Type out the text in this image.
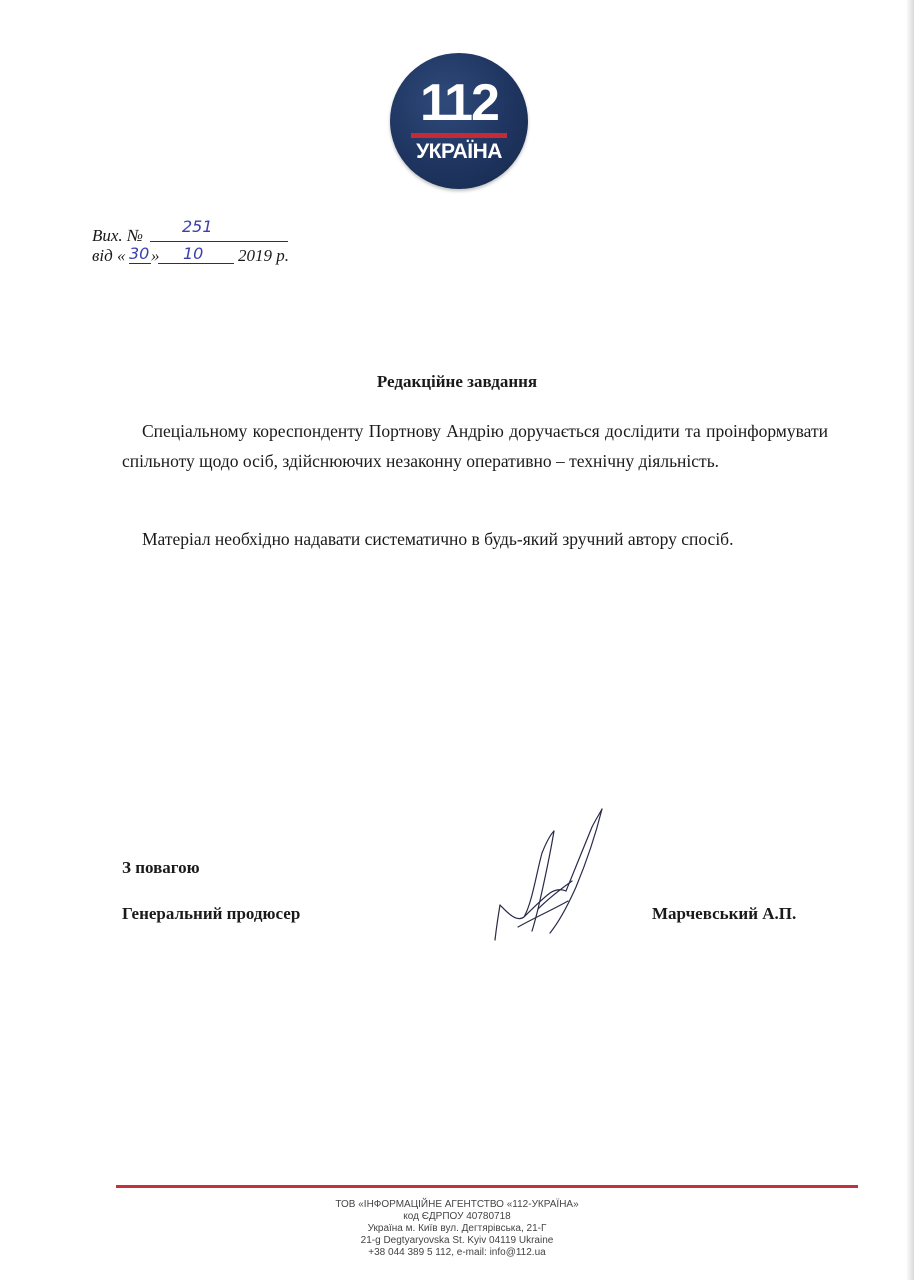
112
УКРАЇНА
Вих. № 251
від « 30 » 10 2019 р.
Редакційне завдання
Спеціальному кореспонденту Портнову Андрію доручається дослідити та проінформувати спільноту щодо осіб, здійснюючих незаконну оперативно – технічну діяльність.
Матеріал необхідно надавати систематично в будь-який зручний автору спосіб.
З повагою
Генеральний продюсер	Марчевський А.П.
ТОВ «ІНФОРМАЦІЙНЕ АГЕНТСТВО «112-УКРАЇНА»
код ЄДРПОУ 40780718
Україна м. Київ вул. Дегтярівська, 21-Г
21-g Degtyaryovska St. Kyiv 04119 Ukraine
+38 044 389 5 112, e-mail: info@112.ua
